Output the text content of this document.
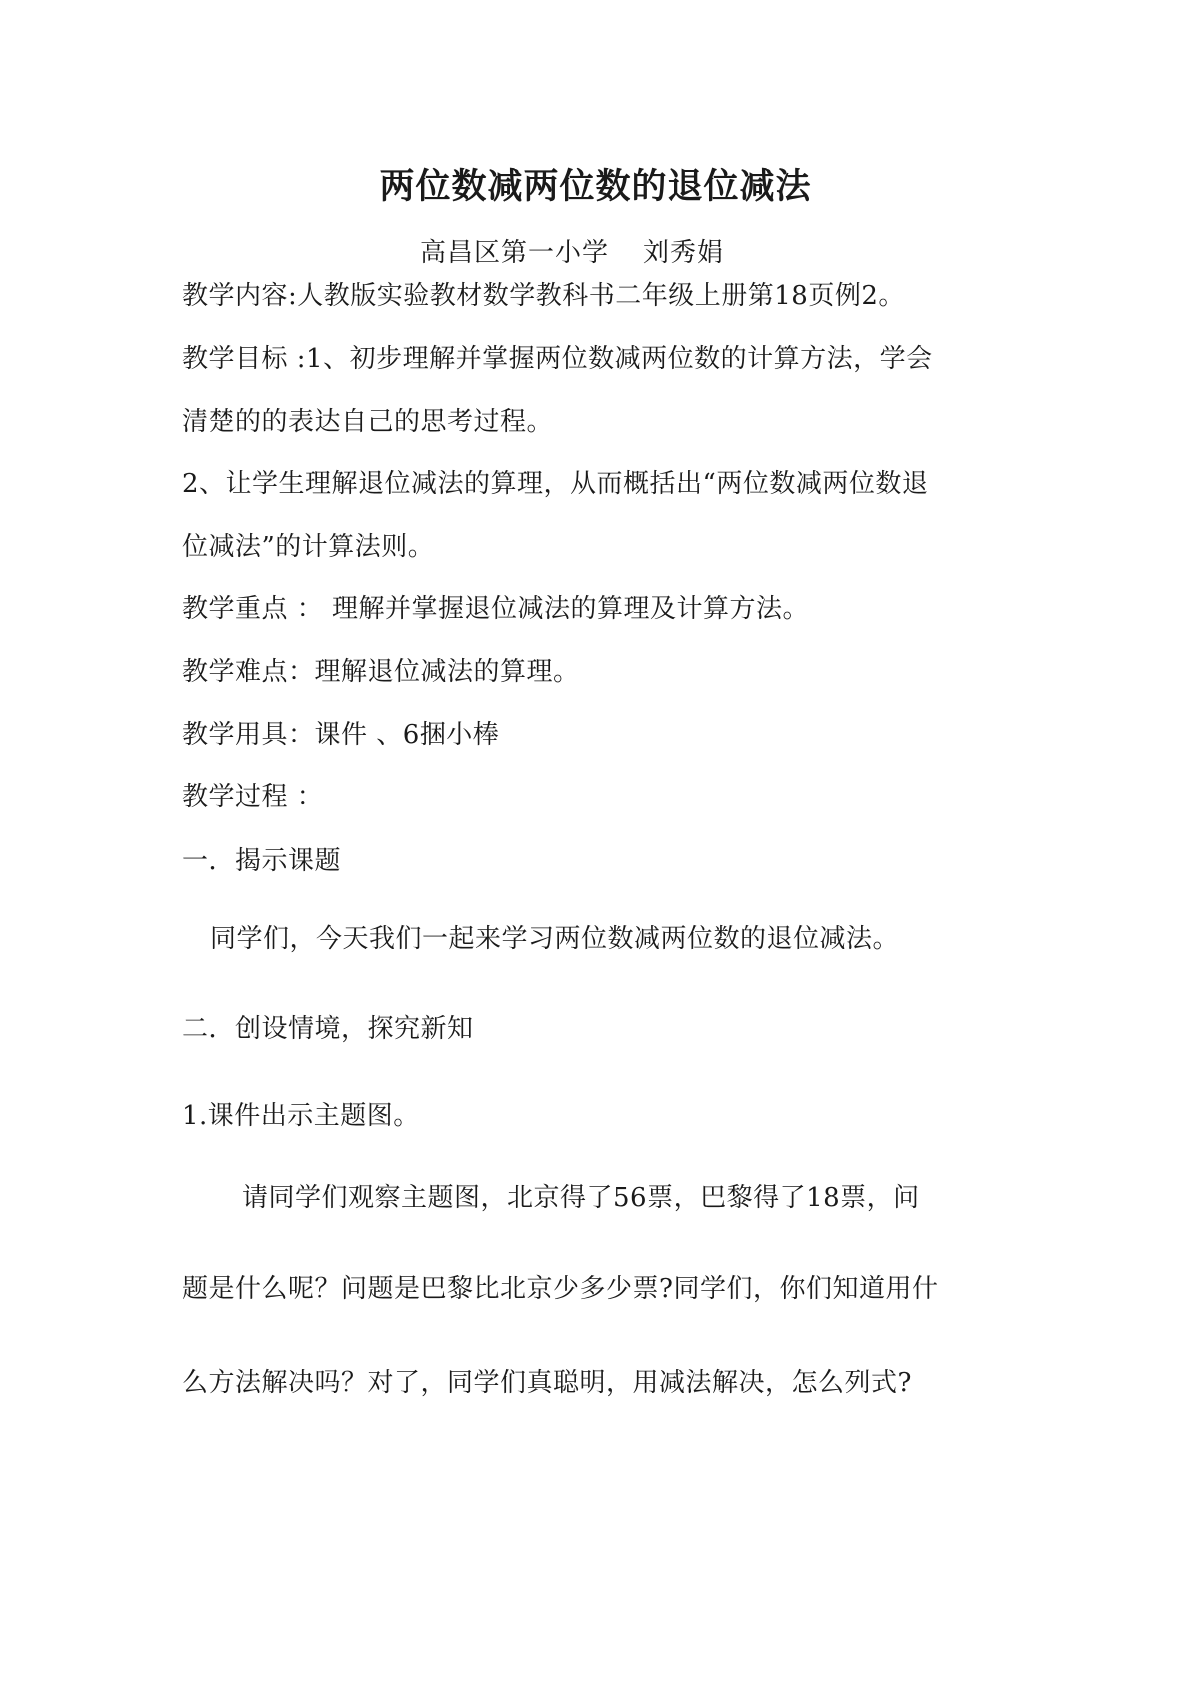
两位数减两位数的退位减法

高昌区第一小学 刘秀娟

教学内容:人教版实验教材数学教科书二年级上册第18页例2。

教学目标 :1、初步理解并掌握两位数减两位数的计算方法，学会

清楚的的表达自己的思考过程。

2、让学生理解退位减法的算理，从而概括出“两位数减两位数退

位减法”的计算法则。

教学重点 ： 理解并掌握退位减法的算理及计算方法。

教学难点：理解退位减法的算理。

教学用具：课件 、6捆小棒

教学过程 ：

一．揭示课题

同学们，今天我们一起来学习两位数减两位数的退位减法。

二．创设情境，探究新知

1.课件出示主题图。

请同学们观察主题图，北京得了56票，巴黎得了18票，问

题是什么呢？问题是巴黎比北京少多少票?同学们，你们知道用什

么方法解决吗？对了，同学们真聪明，用减法解决，怎么列式?
